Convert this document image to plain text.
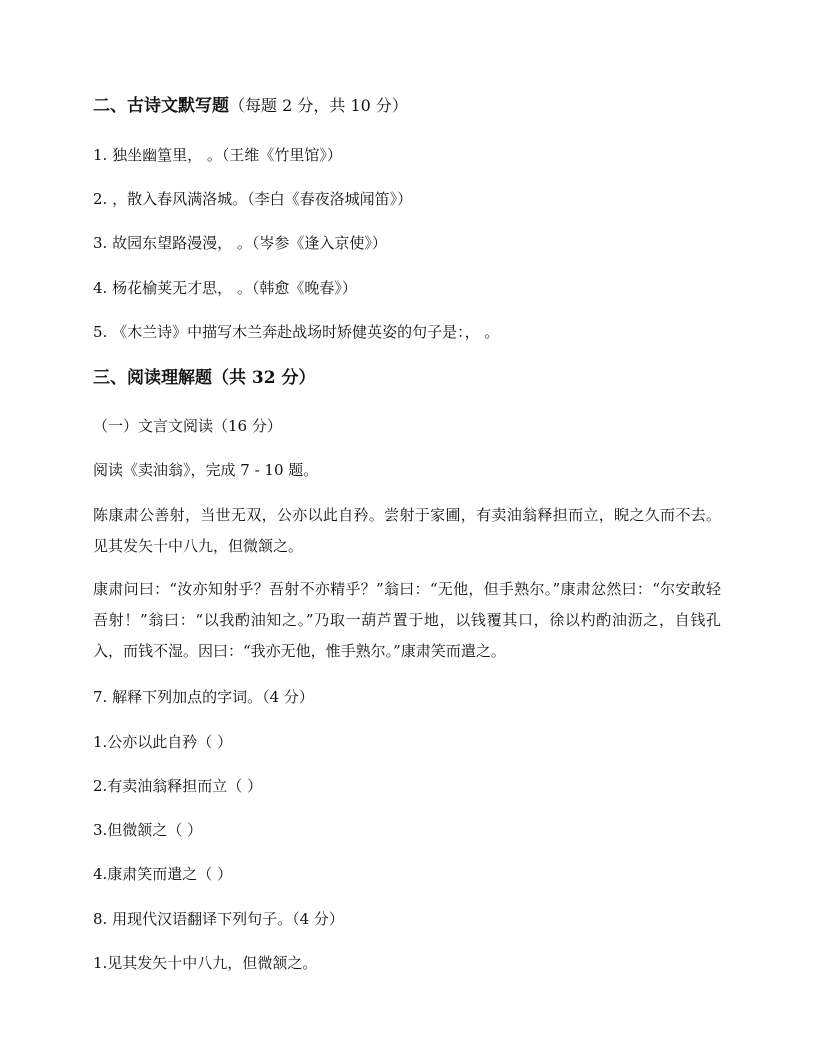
二、古诗文默写题（每题 2 分，共 10 分）
1. 独坐幽篁里， 。（王维《竹里馆》）
2. ，散入春风满洛城。（李白《春夜洛城闻笛》）
3. 故园东望路漫漫， 。（岑参《逢入京使》）
4. 杨花榆荚无才思， 。（韩愈《晚春》）
5. 《木兰诗》中描写木兰奔赴战场时矫健英姿的句子是：， 。
三、阅读理解题（共 32 分）
（一）文言文阅读（16 分）
阅读《卖油翁》，完成 7 - 10 题。
陈康肃公善射，当世无双，公亦以此自矜。尝射于家圃，有卖油翁释担而立，睨之久而不去。见其发矢十中八九，但微颔之。
康肃问曰：“汝亦知射乎？吾射不亦精乎？”翁曰：“无他，但手熟尔。”康肃忿然曰：“尔安敢轻吾射！”翁曰：“以我酌油知之。”乃取一葫芦置于地，以钱覆其口，徐以杓酌油沥之，自钱孔入，而钱不湿。因曰：“我亦无他，惟手熟尔。”康肃笑而遣之。
7. 解释下列加点的字词。（4 分）
1.公亦以此自矜（ ）
2.有卖油翁释担而立（ ）
3.但微颔之（ ）
4.康肃笑而遣之（ ）
8. 用现代汉语翻译下列句子。（4 分）
1.见其发矢十中八九，但微颔之。
